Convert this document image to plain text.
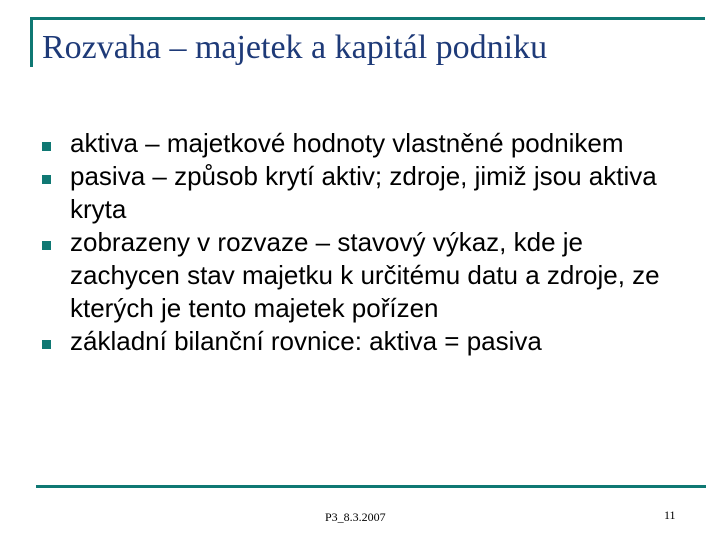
Rozvaha – majetek a kapitál podniku
aktiva – majetkové hodnoty vlastněné podnikem
pasiva – způsob krytí aktiv; zdroje, jimiž jsou aktiva kryta
zobrazeny v rozvaze – stavový výkaz, kde je zachycen stav majetku k určitému datu a zdroje, ze kterých je tento majetek pořízen
základní bilanční rovnice: aktiva = pasiva
P3_8.3.2007	11
